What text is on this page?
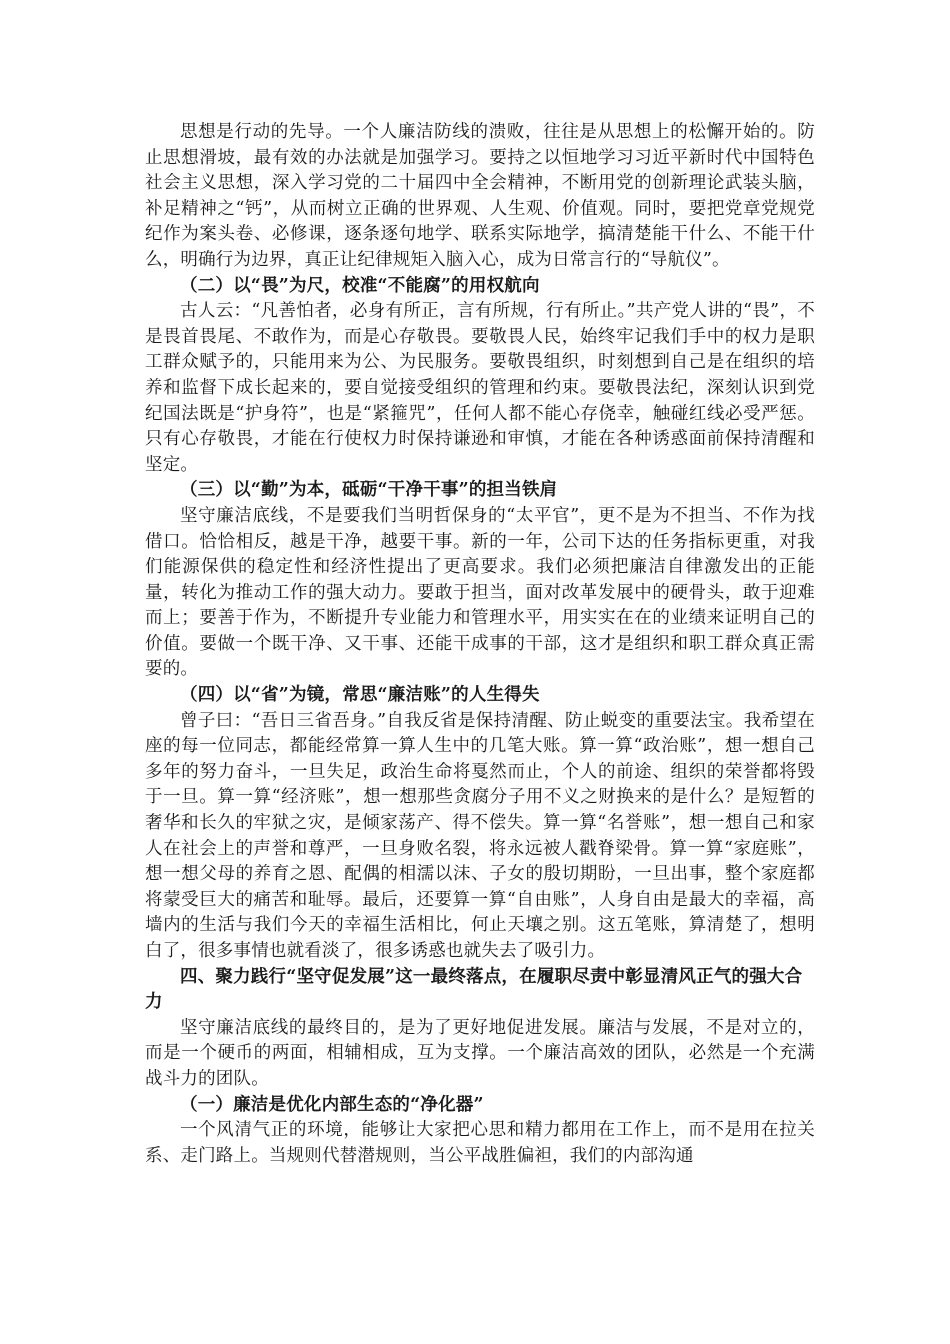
思想是行动的先导。一个人廉洁防线的溃败，往往是从思想上的松懈开始的。防止思想滑坡，最有效的办法就是加强学习。要持之以恒地学习习近平新时代中国特色社会主义思想，深入学习党的二十届四中全会精神，不断用党的创新理论武装头脑，补足精神之“钙”，从而树立正确的世界观、人生观、价值观。同时，要把党章党规党纪作为案头卷、必修课，逐条逐句地学、联系实际地学，搞清楚能干什么、不能干什么，明确行为边界，真正让纪律规矩入脑入心，成为日常言行的“导航仪”。

（二）以“畏”为尺，校准“不能腐”的用权航向

古人云：“凡善怕者，必身有所正，言有所规，行有所止。”共产党人讲的“畏”，不是畏首畏尾、不敢作为，而是心存敬畏。要敬畏人民，始终牢记我们手中的权力是职工群众赋予的，只能用来为公、为民服务。要敬畏组织，时刻想到自己是在组织的培养和监督下成长起来的，要自觉接受组织的管理和约束。要敬畏法纪，深刻认识到党纪国法既是“护身符”，也是“紧箍咒”，任何人都不能心存侥幸，触碰红线必受严惩。只有心存敬畏，才能在行使权力时保持谦逊和审慎，才能在各种诱惑面前保持清醒和坚定。

（三）以“勤”为本，砥砺“干净干事”的担当铁肩

坚守廉洁底线，不是要我们当明哲保身的“太平官”，更不是为不担当、不作为找借口。恰恰相反，越是干净，越要干事。新的一年，公司下达的任务指标更重，对我们能源保供的稳定性和经济性提出了更高要求。我们必须把廉洁自律激发出的正能量，转化为推动工作的强大动力。要敢于担当，面对改革发展中的硬骨头，敢于迎难而上；要善于作为，不断提升专业能力和管理水平，用实实在在的业绩来证明自己的价值。要做一个既干净、又干事、还能干成事的干部，这才是组织和职工群众真正需要的。

（四）以“省”为镜，常思“廉洁账”的人生得失

曾子曰：“吾日三省吾身。”自我反省是保持清醒、防止蜕变的重要法宝。我希望在座的每一位同志，都能经常算一算人生中的几笔大账。算一算“政治账”，想一想自己多年的努力奋斗，一旦失足，政治生命将戛然而止，个人的前途、组织的荣誉都将毁于一旦。算一算“经济账”，想一想那些贪腐分子用不义之财换来的是什么？是短暂的奢华和长久的牢狱之灾，是倾家荡产、得不偿失。算一算“名誉账”，想一想自己和家人在社会上的声誉和尊严，一旦身败名裂，将永远被人戳脊梁骨。算一算“家庭账”，想一想父母的养育之恩、配偶的相濡以沫、子女的殷切期盼，一旦出事，整个家庭都将蒙受巨大的痛苦和耻辱。最后，还要算一算“自由账”，人身自由是最大的幸福，高墙内的生活与我们今天的幸福生活相比，何止天壤之别。这五笔账，算清楚了，想明白了，很多事情也就看淡了，很多诱惑也就失去了吸引力。

四、聚力践行“坚守促发展”这一最终落点，在履职尽责中彰显清风正气的强大合力

坚守廉洁底线的最终目的，是为了更好地促进发展。廉洁与发展，不是对立的，而是一个硬币的两面，相辅相成，互为支撑。一个廉洁高效的团队，必然是一个充满战斗力的团队。

（一）廉洁是优化内部生态的“净化器”

一个风清气正的环境，能够让大家把心思和精力都用在工作上，而不是用在拉关系、走门路上。当规则代替潜规则，当公平战胜偏袒，我们的内部沟通
